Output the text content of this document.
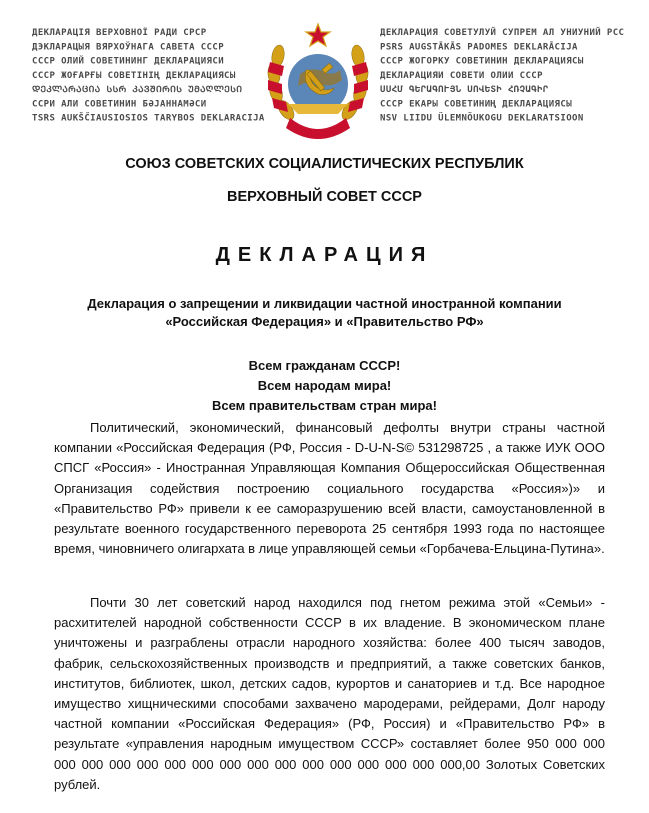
ДЕКЛАРАЦІЯ ВЕРХОВНОЇ РАДИ СРСР
ДЭКЛАРАЦЫЯ ВЯРХОЎНАГА САВЕТА СССР
СССР ОЛИЙ СОВЕТИНИНГ ДЕКЛАРАЦИЯСИ
СССР ЖОҒАРҒЫ СОВЕТІНІҢ ДЕКЛАРАЦИЯСЫ
ᲓᲔᲙᲚᲐᲠᲐᲪᲘᲐ ᲡᲡᲠ ᲙᲐᲕᲨᲘᲠᲘᲡ ᲣᲛᲐᲦᲚᲔᲡᲘ
ССРИ АЛИ СОВЕТИНИН БӘЈАННАМӘСИ
TSRS AUKŠČIAUSIOSIOS TARYBOS DEKLARACIJA
ДЕКЛАРАЦИЯ СОВЕТУЛУЙ СУПРЕМ АЛ УНИУНИЙ РСС
PSRS AUGSTĀKĀS PADOMES DEKLARĀCIJA
СССР ЖОГОРКУ СОВЕТИНИН ДЕКЛАРАЦИЯСЫ
ДЕКЛАРАЦИЯИ СОВЕТИ ОЛИИ СССР
ՍՍՀՄ ԳԵՐԱԳՈՒՅՆ ՍՈՎԵՏԻ ՀՌՉԱԳԻՐ
СССР ЕКАРЫ СОВЕТИНИҢ ДЕКЛАРАЦИЯСЫ
NSV LIIDU ÜLEMNÕUKOGU DEKLARATSIOON
СОЮЗ СОВЕТСКИХ СОЦИАЛИСТИЧЕСКИХ РЕСПУБЛИК
ВЕРХОВНЫЙ СОВЕТ СССР
ДЕКЛАРАЦИЯ
Декларация о запрещении и ликвидации частной иностранной компании
«Российская Федерация» и «Правительство РФ»
Всем гражданам СССР!
Всем народам мира!
Всем правительствам стран мира!

Политический, экономический, финансовый дефолты внутри страны частной компании «Российская Федерация (РФ, Россия - D-U-N-S© 531298725 , а также ИУК ООО СПСГ «Россия» - Иностранная Управляющая Компания Общероссийская Общественная Организация содействия построению социального государства «Россия»)» и «Правительство РФ» привели к ее саморазрушению всей власти, самоустановленной в результате военного государственного переворота 25 сентября 1993 года по настоящее время, чиновничего олигархата в лице управляющей семьи «Горбачева-Ельцина-Путина».

Почти 30 лет советский народ находился под гнетом режима этой «Семьи» - расхитителей народной собственности СССР в их владение. В экономическом плане уничтожены и разграблены отрасли народного хозяйства: более 400 тысяч заводов, фабрик, сельскохозяйственных производств и предприятий, а также советских банков, институтов, библиотек, школ, детских садов, курортов и санаториев и т.д. Все народное имущество хищническими способами захвачено мародерами, рейдерами, Долг народу частной компании «Российская Федерация» (РФ, Россия) и «Правительство РФ» в результате «управления народным имуществом СССР» составляет более 950 000 000 000 000 000 000 000 000 000 000 000 000 000 000 000 000 000,00 Золотых Советских рублей.
